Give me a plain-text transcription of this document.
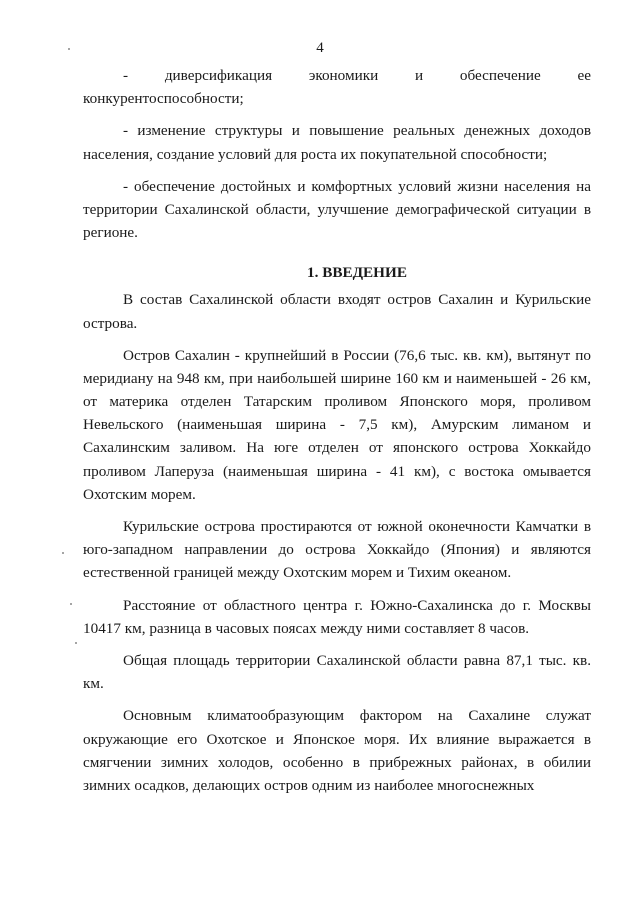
4
- диверсификация экономики и обеспечение ее
конкурентоспособности;
- изменение структуры и повышение реальных денежных доходов
населения, создание условий для роста их покупательной способности;
- обеспечение достойных и комфортных условий жизни населения на
территории Сахалинской области, улучшение демографической ситуации в
регионе.
1. ВВЕДЕНИЕ
В состав Сахалинской области входят остров Сахалин и Курильские
острова.
Остров Сахалин - крупнейший в России (76,6 тыс. кв. км), вытянут по
меридиану на 948 км, при наибольшей ширине 160 км и наименьшей - 26 км,
от материка отделен Татарским проливом Японского моря, проливом
Невельского (наименьшая ширина - 7,5 км), Амурским лиманом и
Сахалинским заливом. На юге отделен от японского острова Хоккайдо
проливом Лаперуза (наименьшая ширина - 41 км), с востока омывается
Охотским морем.
Курильские острова простираются от южной оконечности Камчатки в
юго-западном направлении до острова Хоккайдо (Япония) и являются
естественной границей между Охотским морем и Тихим океаном.
Расстояние от областного центра г. Южно-Сахалинска до г. Москвы
10417 км, разница в часовых поясах между ними составляет 8 часов.
Общая площадь территории Сахалинской области равна 87,1 тыс. кв.
км.
Основным климатообразующим фактором на Сахалине служат
окружающие его Охотское и Японское моря. Их влияние выражается в
смягчении зимних холодов, особенно в прибрежных районах, в обилии
зимних осадков, делающих остров одним из наиболее многоснежных
